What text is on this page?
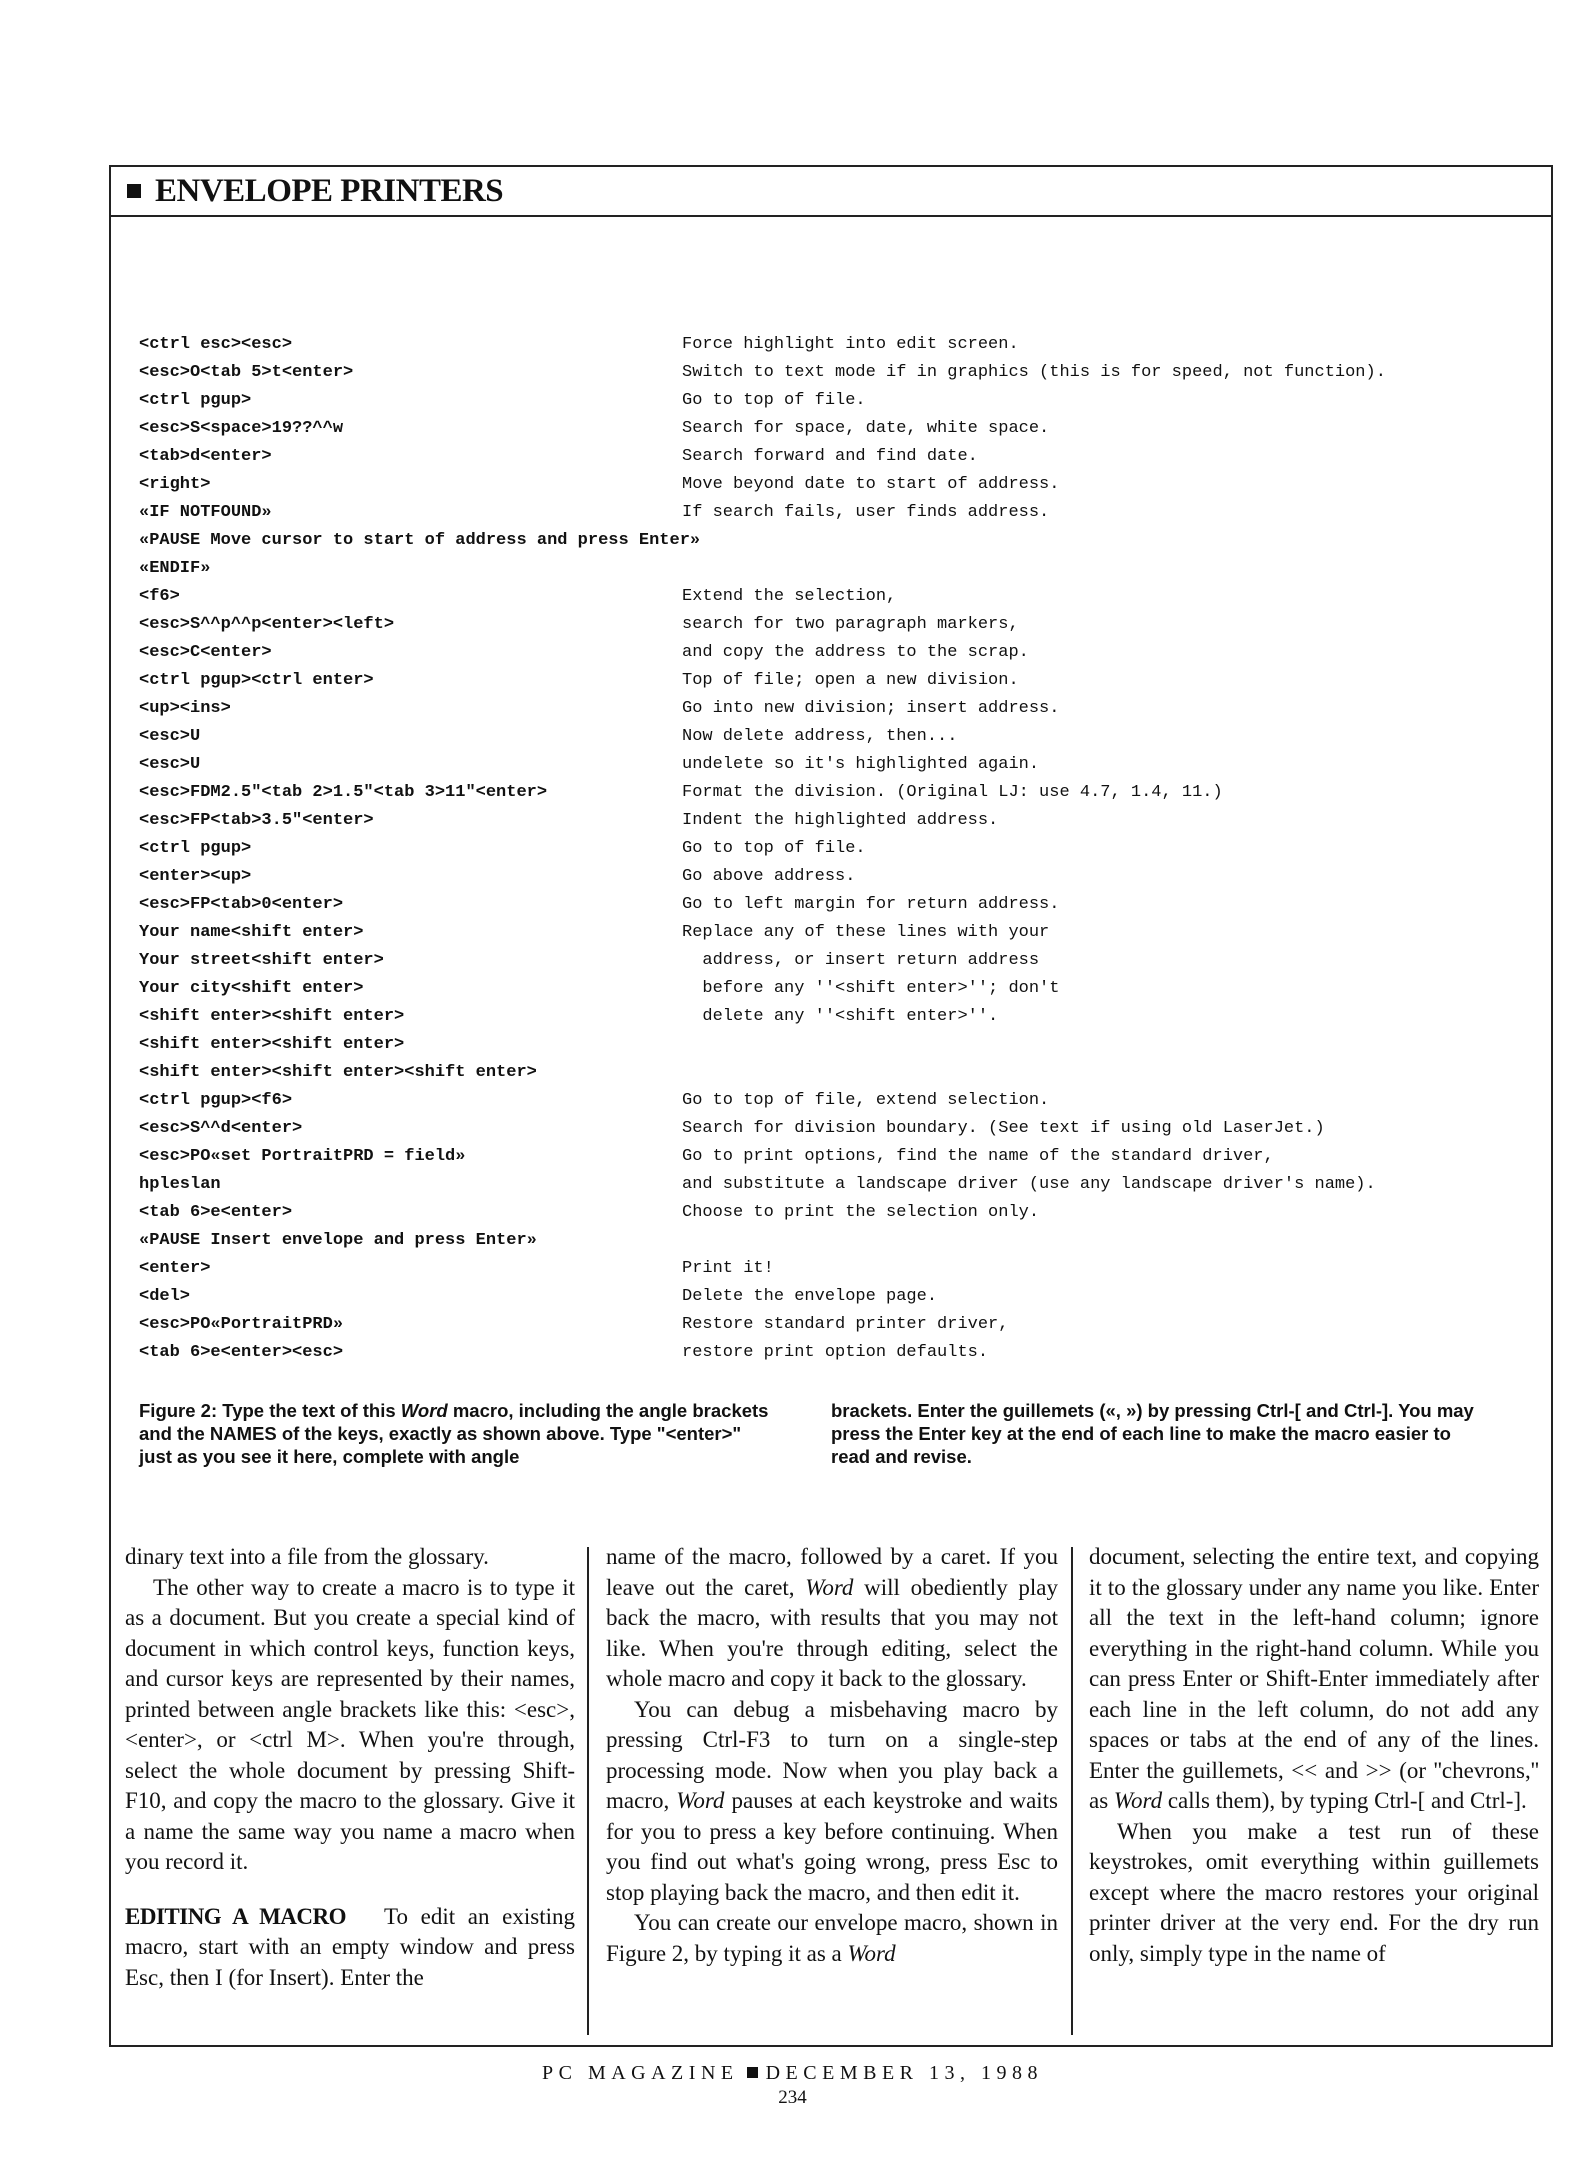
ENVELOPE PRINTERS
<ctrl esc><esc>	Force highlight into edit screen.
<esc>O<tab 5>t<enter>	Switch to text mode if in graphics (this is for speed, not function).
<ctrl pgup>	Go to top of file.
<esc>S<space>19??^^w	Search for space, date, white space.
<tab>d<enter>	Search forward and find date.
<right>	Move beyond date to start of address.
«IF NOTFOUND»	If search fails, user finds address.
«PAUSE Move cursor to start of address and press Enter»
«ENDIF»
<f6>	Extend the selection,
<esc>S^^p^^p<enter><left>	search for two paragraph markers,
<esc>C<enter>	and copy the address to the scrap.
<ctrl pgup><ctrl enter>	Top of file; open a new division.
<up><ins>	Go into new division; insert address.
<esc>U	Now delete address, then...
<esc>U	undelete so it's highlighted again.
<esc>FDM2.5"<tab 2>1.5"<tab 3>11"<enter>	Format the division. (Original LJ: use 4.7, 1.4, 11.)
<esc>FP<tab>3.5"<enter>	Indent the highlighted address.
<ctrl pgup>	Go to top of file.
<enter><up>	Go above address.
<esc>FP<tab>0<enter>	Go to left margin for return address.
Your name<shift enter>	Replace any of these lines with your
Your street<shift enter>	address, or insert return address
Your city<shift enter>	before any ''<shift enter>''; don't
<shift enter><shift enter>	delete any ''<shift enter>''.
<shift enter><shift enter>
<shift enter><shift enter><shift enter>
<ctrl pgup><f6>	Go to top of file, extend selection.
<esc>S^^d<enter>	Search for division boundary. (See text if using old LaserJet.)
<esc>PO«set PortraitPRD = field»	Go to print options, find the name of the standard driver,
hpleslan	and substitute a landscape driver (use any landscape driver's name).
<tab 6>e<enter>	Choose to print the selection only.
«PAUSE Insert envelope and press Enter»
<enter>	Print it!
<del>	Delete the envelope page.
<esc>PO«PortraitPRD»	Restore standard printer driver,
<tab 6>e<enter><esc>	restore print option defaults.
Figure 2: Type the text of this Word macro, including the angle brackets and the NAMES of the keys, exactly as shown above. Type "<enter>" just as you see it here, complete with angle
brackets. Enter the guillemets («, ») by pressing Ctrl-[ and Ctrl-]. You may press the Enter key at the end of each line to make the macro easier to read and revise.

dinary text into a file from the glossary.

The other way to create a macro is to type it as a document. But you create a special kind of document in which control keys, function keys, and cursor keys are represented by their names, printed between angle brackets like this: <esc>, <enter>, or <ctrl M>. When you're through, select the whole document by pressing Shift-F10, and copy the macro to the glossary. Give it a name the same way you name a macro when you record it.

EDITING A MACRO To edit an existing macro, start with an empty window and press Esc, then I (for Insert). Enter the

name of the macro, followed by a caret. If you leave out the caret, Word will obediently play back the macro, with results that you may not like. When you're through editing, select the whole macro and copy it back to the glossary.

You can debug a misbehaving macro by pressing Ctrl-F3 to turn on a single-step processing mode. Now when you play back a macro, Word pauses at each keystroke and waits for you to press a key before continuing. When you find out what's going wrong, press Esc to stop playing back the macro, and then edit it.

You can create our envelope macro, shown in Figure 2, by typing it as a Word

document, selecting the entire text, and copying it to the glossary under any name you like. Enter all the text in the left-hand column; ignore everything in the right-hand column. While you can press Enter or Shift-Enter immediately after each line in the left column, do not add any spaces or tabs at the end of any of the lines. Enter the guillemets, << and >> (or ''chevrons,'' as Word calls them), by typing Ctrl-[ and Ctrl-].

When you make a test run of these keystrokes, omit everything within guillemets except where the macro restores your original printer driver at the very end. For the dry run only, simply type in the name of

PC MAGAZINE DECEMBER 13, 1988
234
